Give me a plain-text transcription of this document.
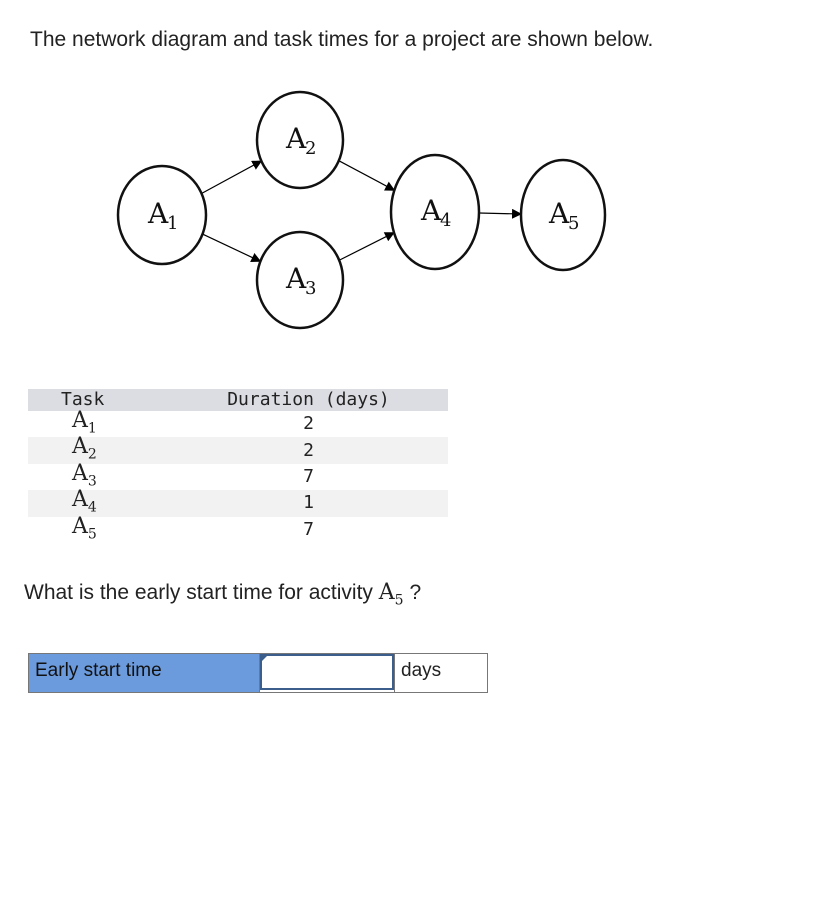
The network diagram and task times for a project are shown below.

A
1
A
2
A
3
A
4	A
5
Task	Duration (days)
$A_1$	2
$A_2$	2
$A_3$	7
$A_4$	1
$A_5$	7

What is the early start time for activity $A_5$ ?

Early start time	days
